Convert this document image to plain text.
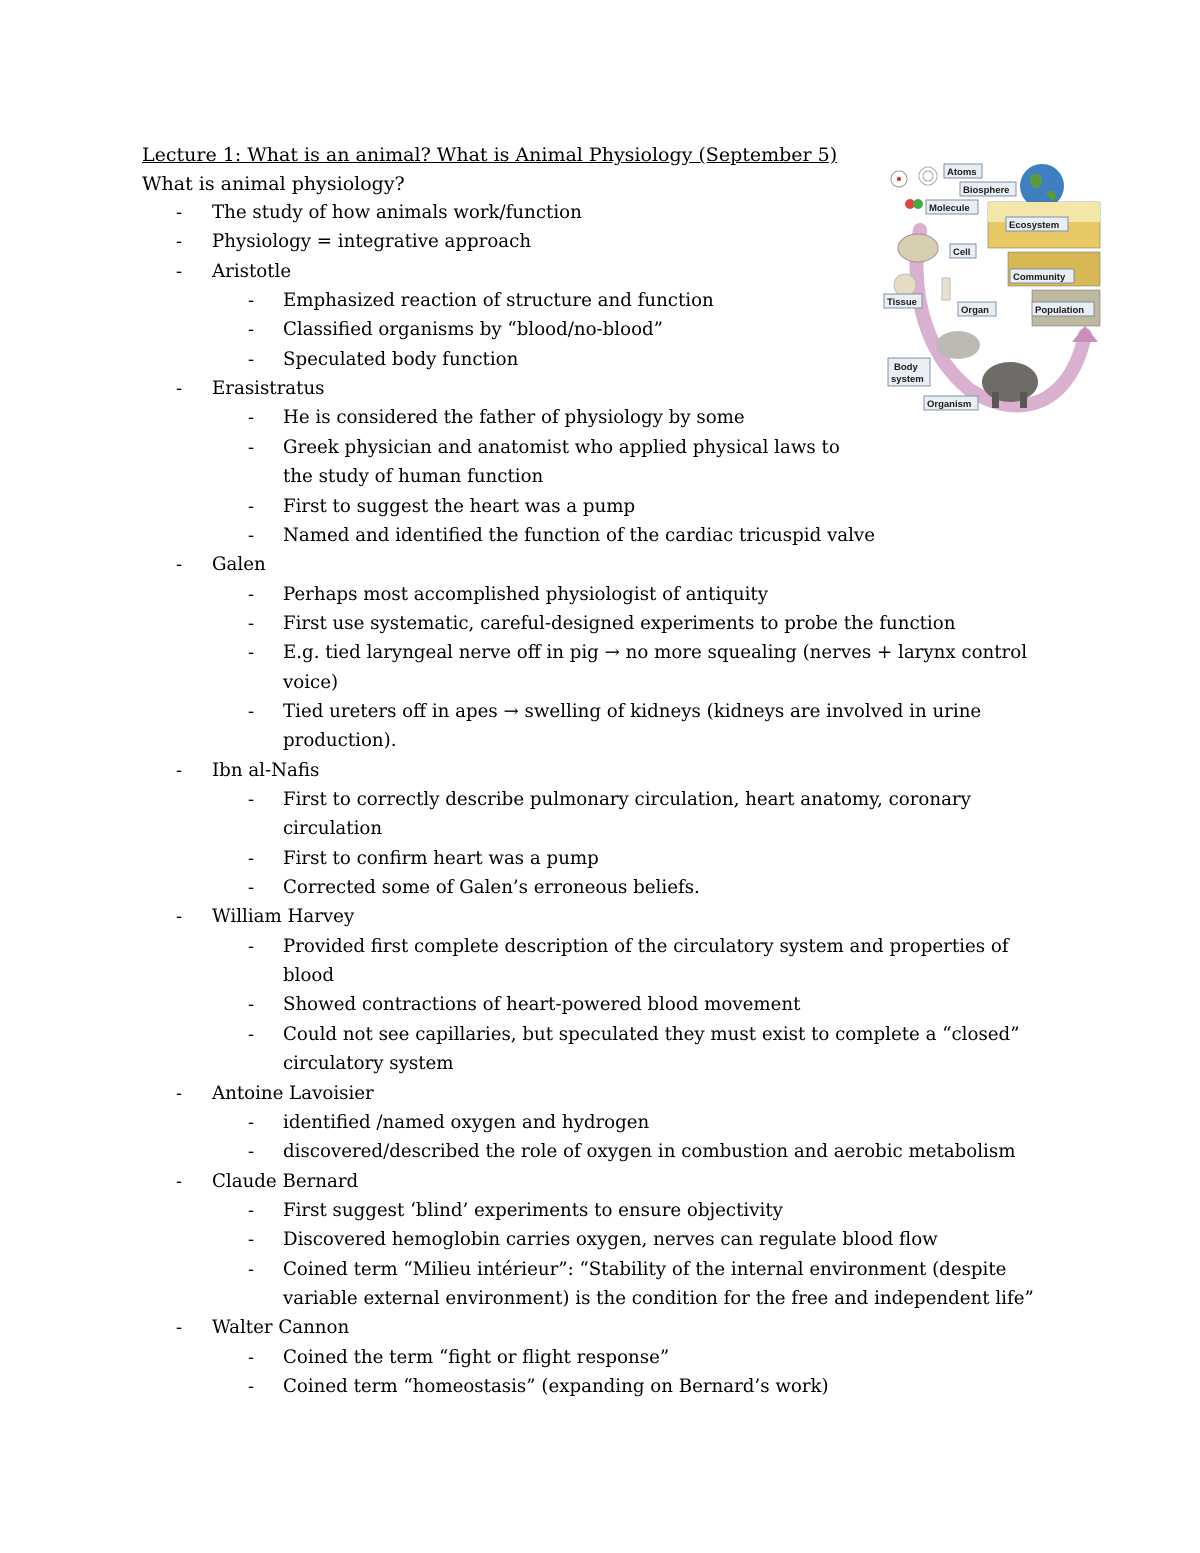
Lecture 1: What is an animal? What is Animal Physiology (September 5)
What is animal physiology?
- The study of how animals work/function
- Physiology = integrative approach
- Aristotle
- Emphasized reaction of structure and function
- Classified organisms by “blood/no-blood”
- Speculated body function
- Erasistratus
- He is considered the father of physiology by some
- Greek physician and anatomist who applied physical laws to
the study of human function
- First to suggest the heart was a pump
- Named and identified the function of the cardiac tricuspid valve
- Galen
- Perhaps most accomplished physiologist of antiquity
- First use systematic, careful-designed experiments to probe the function
- E.g. tied laryngeal nerve off in pig → no more squealing (nerves + larynx control
voice)
- Tied ureters off in apes → swelling of kidneys (kidneys are involved in urine
production).
- Ibn al-Nafis
- First to correctly describe pulmonary circulation, heart anatomy, coronary
circulation
- First to confirm heart was a pump
- Corrected some of Galen’s erroneous beliefs.
- William Harvey
- Provided first complete description of the circulatory system and properties of
blood
- Showed contractions of heart-powered blood movement
- Could not see capillaries, but speculated they must exist to complete a “closed”
circulatory system
- Antoine Lavoisier
- identified /named oxygen and hydrogen
- discovered/described the role of oxygen in combustion and aerobic metabolism
- Claude Bernard
- First suggest ‘blind’ experiments to ensure objectivity
- Discovered hemoglobin carries oxygen, nerves can regulate blood flow
- Coined term “Milieu intérieur”: “Stability of the internal environment (despite
variable external environment) is the condition for the free and independent life”
- Walter Cannon
- Coined the term “fight or flight response”
- Coined term “homeostasis” (expanding on Bernard’s work)
Atoms
Biosphere
Molecule
Ecosystem
Cell
Community
Tissue
Organ	Population
Body
system
Organism
